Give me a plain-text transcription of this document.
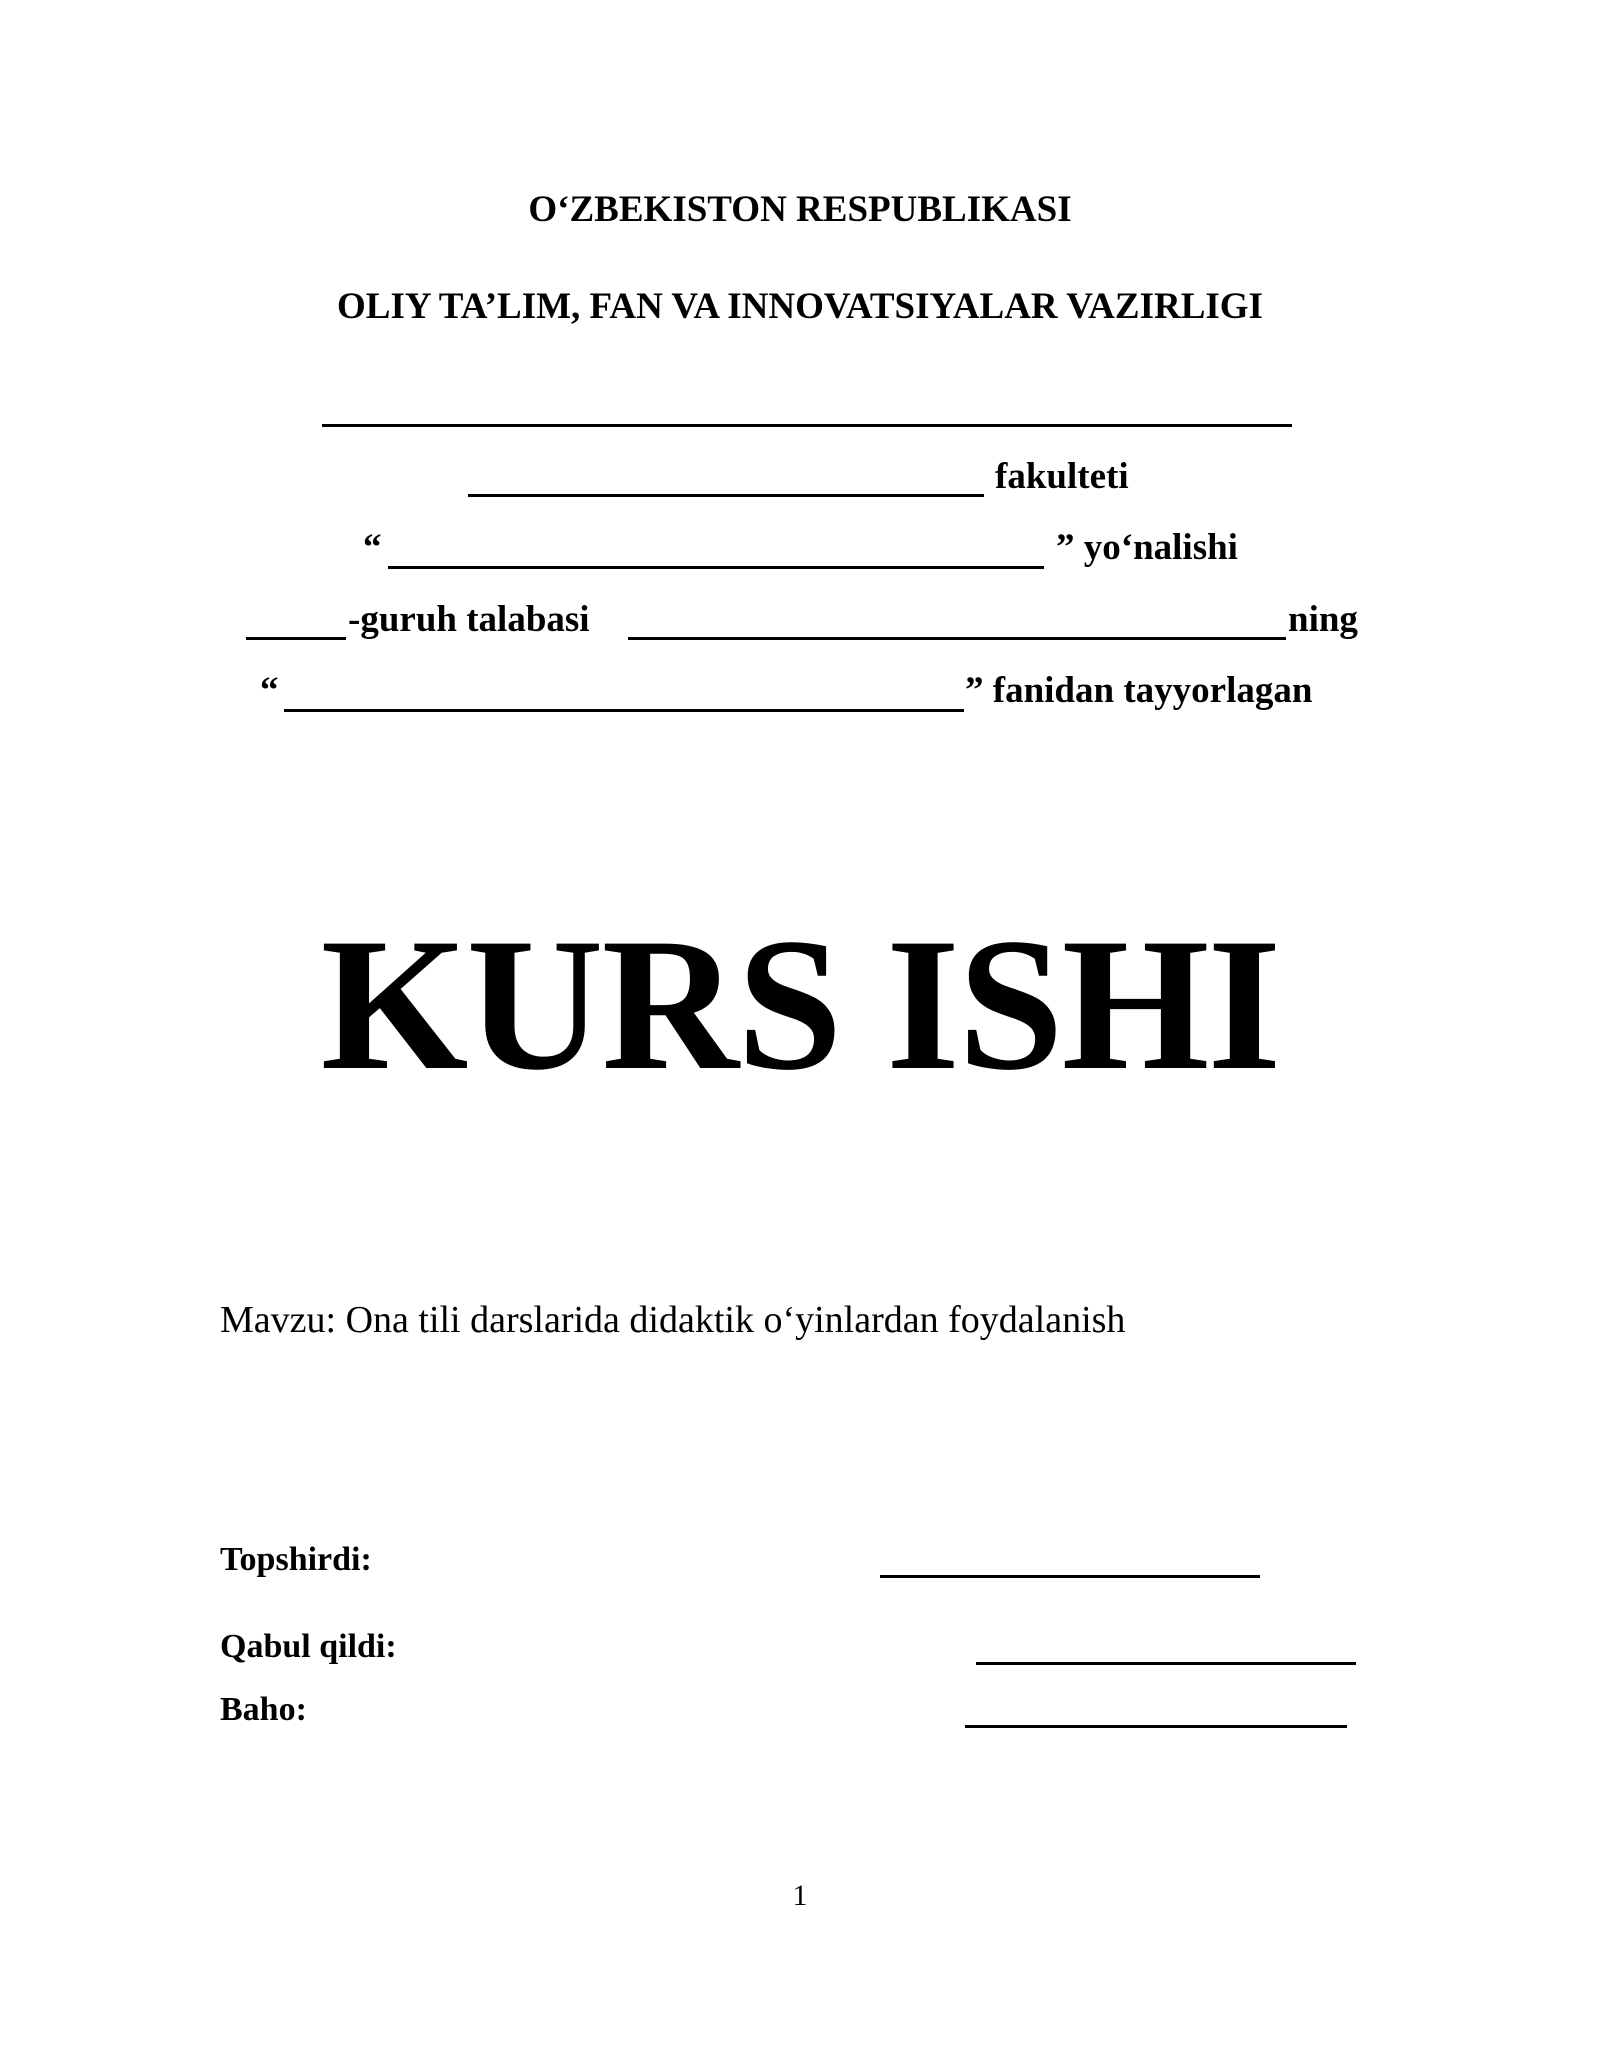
O‘ZBEKISTON RESPUBLIKASI
OLIY TA’LIM, FAN VA INNOVATSIYALAR VAZIRLIGI
fakulteti
“	” yo‘nalishi
-guruh talabasi	ning
“	” fanidan tayyorlagan
KURS ISHI
Mavzu: Ona tili darslarida didaktik o‘yinlardan foydalanish
Topshirdi:
Qabul qildi:
Baho:
1
